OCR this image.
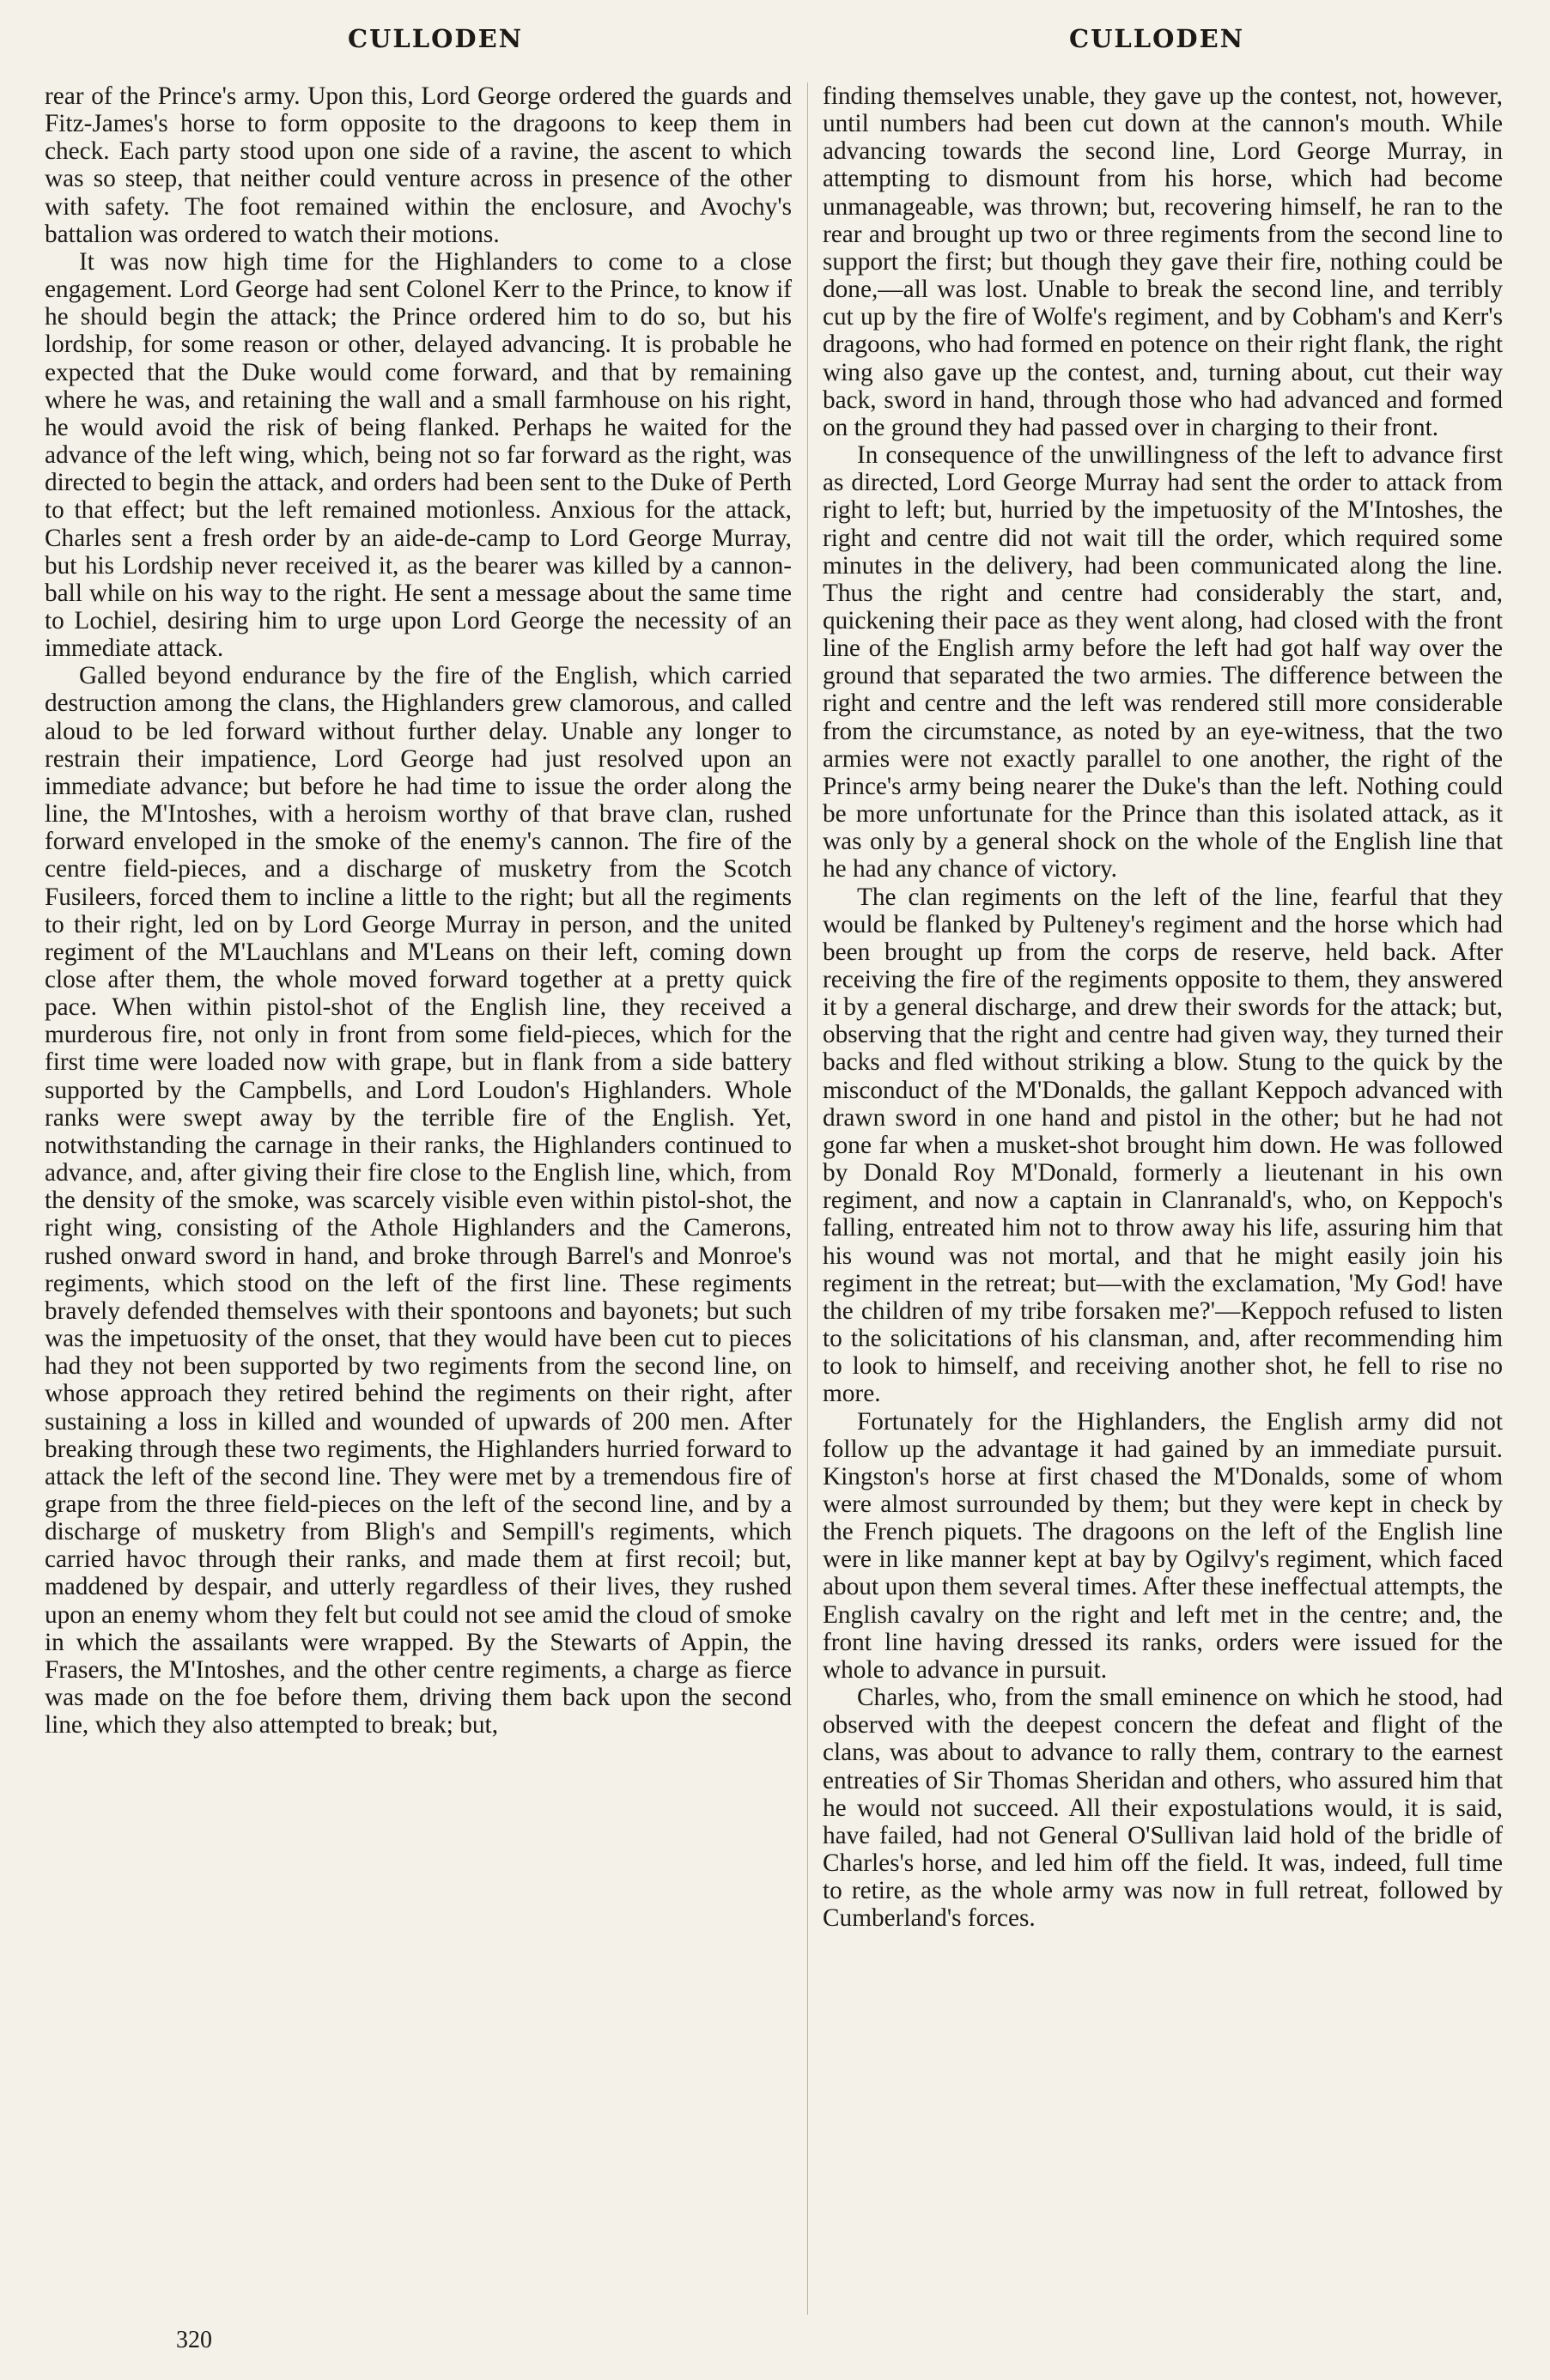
CULLODEN	CULLODEN

rear of the Prince's army. Upon this, Lord George ordered the guards and Fitz-James's horse to form opposite to the dragoons to keep them in check. Each party stood upon one side of a ravine, the ascent to which was so steep, that neither could venture across in presence of the other with safety. The foot remained within the enclosure, and Avochy's battalion was ordered to watch their motions.

It was now high time for the Highlanders to come to a close engagement. Lord George had sent Colonel Kerr to the Prince, to know if he should begin the attack; the Prince ordered him to do so, but his lordship, for some reason or other, delayed advancing. It is probable he expected that the Duke would come forward, and that by remaining where he was, and retaining the wall and a small farmhouse on his right, he would avoid the risk of being flanked. Perhaps he waited for the advance of the left wing, which, being not so far forward as the right, was directed to begin the attack, and orders had been sent to the Duke of Perth to that effect; but the left remained motionless. Anxious for the attack, Charles sent a fresh order by an aide-de-camp to Lord George Murray, but his Lordship never received it, as the bearer was killed by a cannon-ball while on his way to the right. He sent a message about the same time to Lochiel, desiring him to urge upon Lord George the necessity of an immediate attack.

Galled beyond endurance by the fire of the English, which carried destruction among the clans, the Highlanders grew clamorous, and called aloud to be led forward without further delay. Unable any longer to restrain their impatience, Lord George had just resolved upon an immediate advance; but before he had time to issue the order along the line, the M'Intoshes, with a heroism worthy of that brave clan, rushed forward enveloped in the smoke of the enemy's cannon. The fire of the centre field-pieces, and a discharge of musketry from the Scotch Fusileers, forced them to incline a little to the right; but all the regiments to their right, led on by Lord George Murray in person, and the united regiment of the M'Lauchlans and M'Leans on their left, coming down close after them, the whole moved forward together at a pretty quick pace. When within pistol-shot of the English line, they received a murderous fire, not only in front from some field-pieces, which for the first time were loaded now with grape, but in flank from a side battery supported by the Campbells, and Lord Loudon's Highlanders. Whole ranks were swept away by the terrible fire of the English. Yet, notwithstanding the carnage in their ranks, the Highlanders continued to advance, and, after giving their fire close to the English line, which, from the density of the smoke, was scarcely visible even within pistol-shot, the right wing, consisting of the Athole Highlanders and the Camerons, rushed onward sword in hand, and broke through Barrel's and Monroe's regiments, which stood on the left of the first line. These regiments bravely defended themselves with their spontoons and bayonets; but such was the impetuosity of the onset, that they would have been cut to pieces had they not been supported by two regiments from the second line, on whose approach they retired behind the regiments on their right, after sustaining a loss in killed and wounded of upwards of 200 men. After breaking through these two regiments, the Highlanders hurried forward to attack the left of the second line. They were met by a tremendous fire of grape from the three field-pieces on the left of the second line, and by a discharge of musketry from Bligh's and Sempill's regiments, which carried havoc through their ranks, and made them at first recoil; but, maddened by despair, and utterly regardless of their lives, they rushed upon an enemy whom they felt but could not see amid the cloud of smoke in which the assailants were wrapped. By the Stewarts of Appin, the Frasers, the M'Intoshes, and the other centre regiments, a charge as fierce was made on the foe before them, driving them back upon the second line, which they also attempted to break; but,

finding themselves unable, they gave up the contest, not, however, until numbers had been cut down at the cannon's mouth. While advancing towards the second line, Lord George Murray, in attempting to dismount from his horse, which had become unmanageable, was thrown; but, recovering himself, he ran to the rear and brought up two or three regiments from the second line to support the first; but though they gave their fire, nothing could be done,—all was lost. Unable to break the second line, and terribly cut up by the fire of Wolfe's regiment, and by Cobham's and Kerr's dragoons, who had formed en potence on their right flank, the right wing also gave up the contest, and, turning about, cut their way back, sword in hand, through those who had advanced and formed on the ground they had passed over in charging to their front.

In consequence of the unwillingness of the left to advance first as directed, Lord George Murray had sent the order to attack from right to left; but, hurried by the impetuosity of the M'Intoshes, the right and centre did not wait till the order, which required some minutes in the delivery, had been communicated along the line. Thus the right and centre had considerably the start, and, quickening their pace as they went along, had closed with the front line of the English army before the left had got half way over the ground that separated the two armies. The difference between the right and centre and the left was rendered still more considerable from the circumstance, as noted by an eye-witness, that the two armies were not exactly parallel to one another, the right of the Prince's army being nearer the Duke's than the left. Nothing could be more unfortunate for the Prince than this isolated attack, as it was only by a general shock on the whole of the English line that he had any chance of victory.

The clan regiments on the left of the line, fearful that they would be flanked by Pulteney's regiment and the horse which had been brought up from the corps de reserve, held back. After receiving the fire of the regiments opposite to them, they answered it by a general discharge, and drew their swords for the attack; but, observing that the right and centre had given way, they turned their backs and fled without striking a blow. Stung to the quick by the misconduct of the M'Donalds, the gallant Keppoch advanced with drawn sword in one hand and pistol in the other; but he had not gone far when a musket-shot brought him down. He was followed by Donald Roy M'Donald, formerly a lieutenant in his own regiment, and now a captain in Clanranald's, who, on Keppoch's falling, entreated him not to throw away his life, assuring him that his wound was not mortal, and that he might easily join his regiment in the retreat; but—with the exclamation, 'My God! have the children of my tribe forsaken me?'—Keppoch refused to listen to the solicitations of his clansman, and, after recommending him to look to himself, and receiving another shot, he fell to rise no more.

Fortunately for the Highlanders, the English army did not follow up the advantage it had gained by an immediate pursuit. Kingston's horse at first chased the M'Donalds, some of whom were almost surrounded by them; but they were kept in check by the French piquets. The dragoons on the left of the English line were in like manner kept at bay by Ogilvy's regiment, which faced about upon them several times. After these ineffectual attempts, the English cavalry on the right and left met in the centre; and, the front line having dressed its ranks, orders were issued for the whole to advance in pursuit.

Charles, who, from the small eminence on which he stood, had observed with the deepest concern the defeat and flight of the clans, was about to advance to rally them, contrary to the earnest entreaties of Sir Thomas Sheridan and others, who assured him that he would not succeed. All their expostulations would, it is said, have failed, had not General O'Sullivan laid hold of the bridle of Charles's horse, and led him off the field. It was, indeed, full time to retire, as the whole army was now in full retreat, followed by Cumberland's forces.

320
